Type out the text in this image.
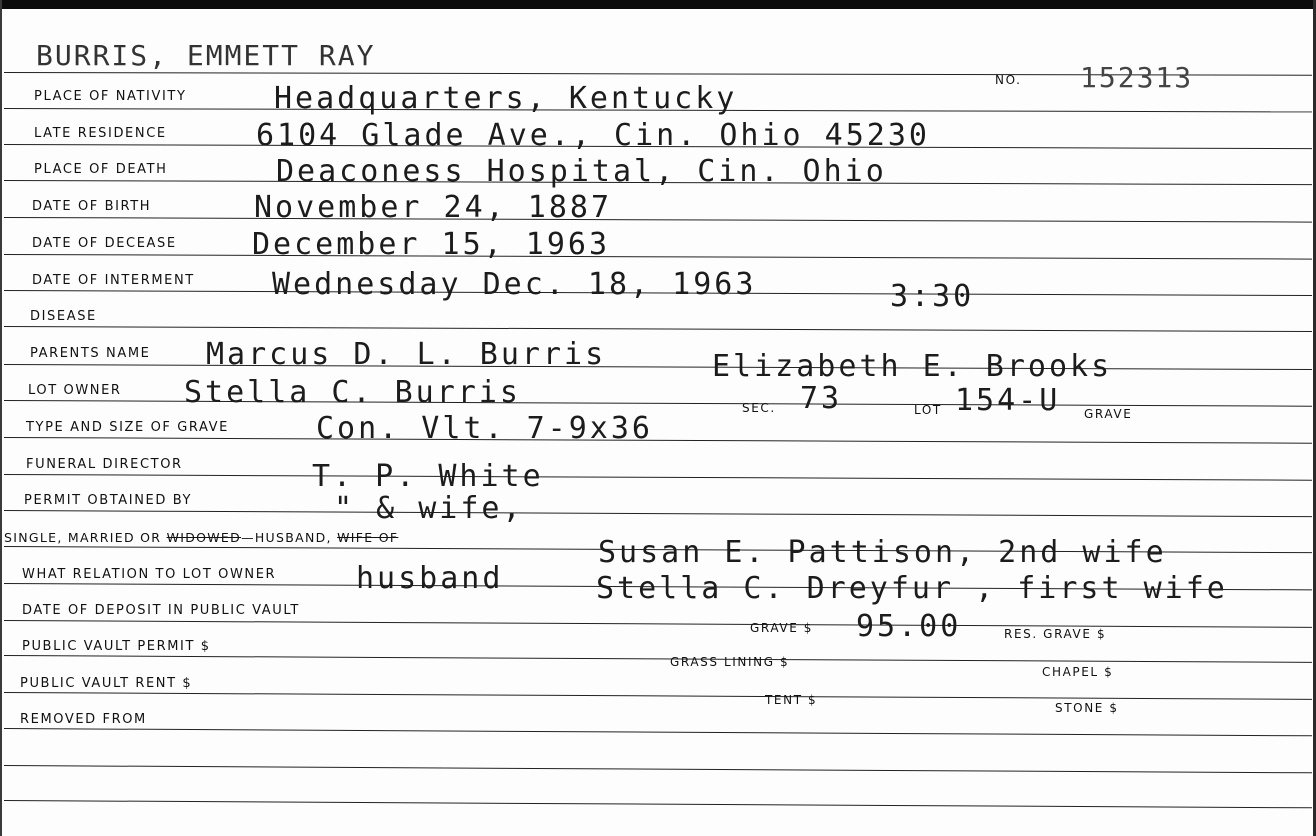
BURRIS, EMMETT RAY
NO. 152313
PLACE OF NATIVITY	Headquarters, Kentucky
LATE RESIDENCE	6104 Glade Ave., Cin. Ohio 45230
PLACE OF DEATH	Deaconess Hospital, Cin. Ohio
DATE OF BIRTH	November 24, 1887
DATE OF DECEASE	December 15, 1963
DATE OF INTERMENT	Wednesday Dec. 18, 1963	3:30
DISEASE
PARENTS NAME Marcus D. L. Burris	Elizabeth E. Brooks
LOT OWNER Stella C. Burris	SEC. 73	LOT 154-U GRAVE
TYPE AND SIZE OF GRAVE	Con. Vlt. 7-9x36
FUNERAL DIRECTOR	T. P. White
PERMIT OBTAINED BY	" & wife,
SINGLE, MARRIED OR WIDOWED—HUSBAND, WIFE OF	Susan E. Pattison, 2nd wife
WHAT RELATION TO LOT OWNER	husband	Stella C. Dreyfur , first wife
DATE OF DEPOSIT IN PUBLIC VAULT
GRAVE $ 95.00	RES. GRAVE $
PUBLIC VAULT PERMIT $
GRASS LINING $
CHAPEL $
PUBLIC VAULT RENT $
TENT $
STONE $
REMOVED FROM
